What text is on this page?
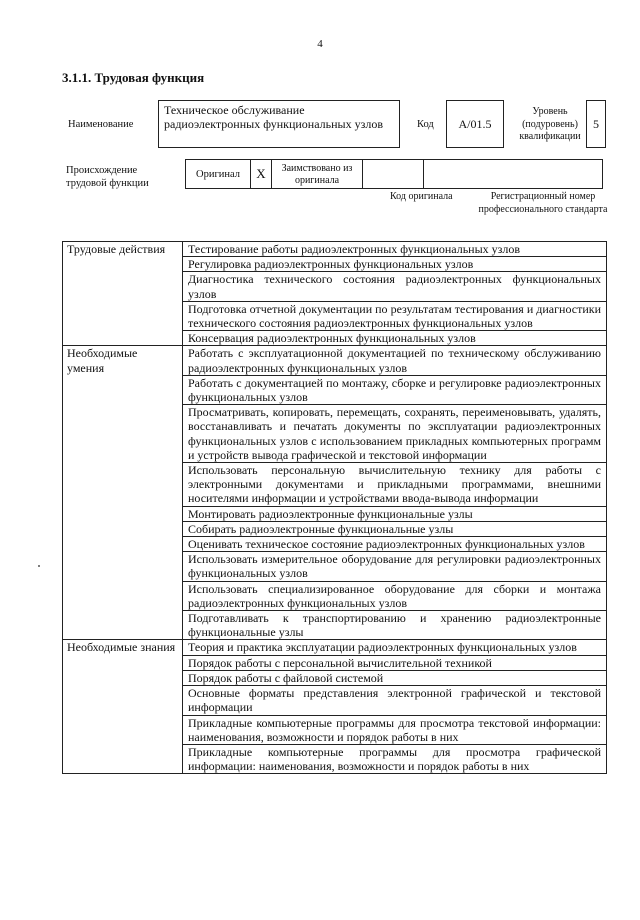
4
3.1.1. Трудовая функция
Наименование
Техническое обслуживание радиоэлектронных функциональных узлов	Код	А/01.5
Уровень (подуровень) квалификации
5
Происхождение трудовой функции
Оригинал	X	Заимствовано из оригинала
Код оригинала	Регистрационный номер профессионального стандарта
Трудовые действия	Тестирование работы радиоэлектронных функциональных узлов
	Регулировка радиоэлектронных функциональных узлов
	Диагностика технического состояния радиоэлектронных функциональных узлов
	Подготовка отчетной документации по результатам тестирования и диагностики технического состояния радиоэлектронных функциональных узлов
	Консервация радиоэлектронных функциональных узлов
Необходимые умения	Работать с эксплуатационной документацией по техническому обслуживанию радиоэлектронных функциональных узлов
	Работать с документацией по монтажу, сборке и регулировке радиоэлектронных функциональных узлов
	Просматривать, копировать, перемещать, сохранять, переименовывать, удалять, восстанавливать и печатать документы по эксплуатации радиоэлектронных функциональных узлов с использованием прикладных компьютерных программ и устройств вывода графической и текстовой информации
	Использовать персональную вычислительную технику для работы с электронными документами и прикладными программами, внешними носителями информации и устройствами ввода-вывода информации
	Монтировать радиоэлектронные функциональные узлы
	Собирать радиоэлектронные функциональные узлы
	Оценивать техническое состояние радиоэлектронных функциональных узлов
	Использовать измерительное оборудование для регулировки радиоэлектронных функциональных узлов
	Использовать специализированное оборудование для сборки и монтажа радиоэлектронных функциональных узлов
	Подготавливать к транспортированию и хранению радиоэлектронные функциональные узлы
Необходимые знания	Теория и практика эксплуатации радиоэлектронных функциональных узлов
	Порядок работы с персональной вычислительной техникой
	Порядок работы с файловой системой
	Основные форматы представления электронной графической и текстовой информации
	Прикладные компьютерные программы для просмотра текстовой информации: наименования, возможности и порядок работы в них
	Прикладные компьютерные программы для просмотра графической информации: наименования, возможности и порядок работы в них
